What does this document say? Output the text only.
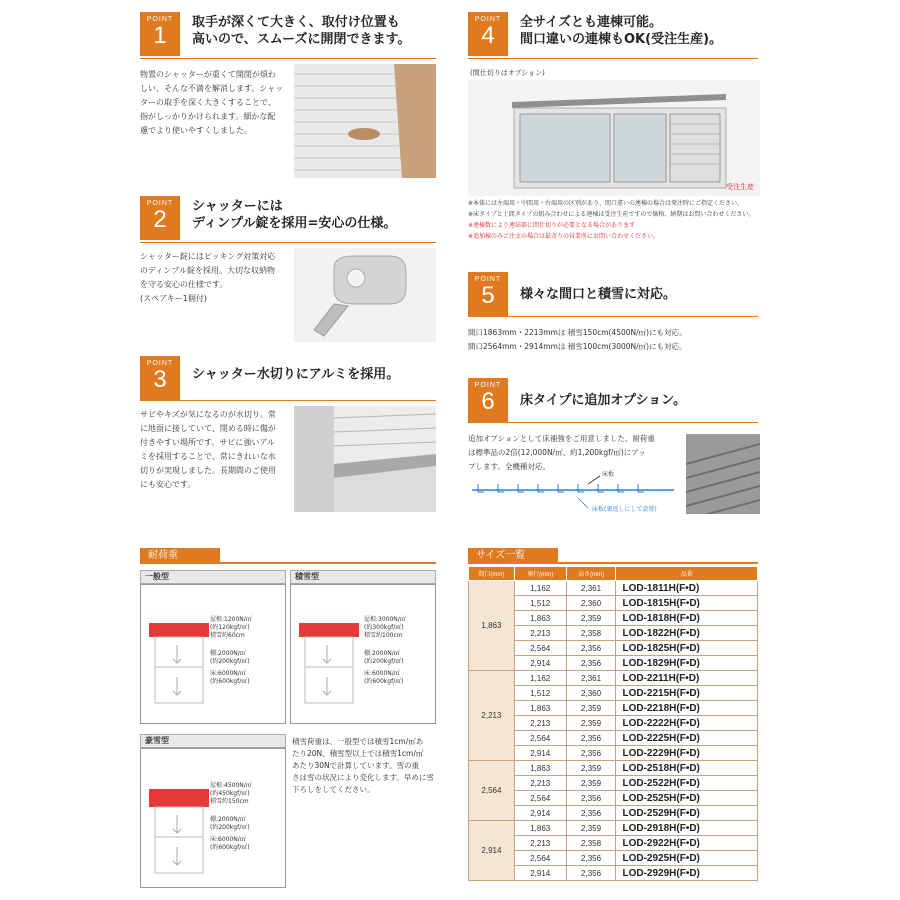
POINT
1	取手が深くて大きく、取付け位置も
高いので、スムーズに開閉できます。
物置のシャッターが重くて開閉が煩わ
しい、そんな不満を解消します。シャッ
ターの取手を深く大きくすることで、
指がしっかりかけられます。細かな配
慮でより使いやすくしました。
POINT
2	シャッターには
ディンプル錠を採用=安心の仕様。
シャッター錠にはピッキング対策対応
のディンプル錠を採用。大切な収納物
を守る安心の仕様です。
(スペアキー1個付)
POINT
3	シャッター水切りにアルミを採用。
サビやキズが気になるのが水切り。常
に地面に接していて、閉める時に傷が
付きやすい場所です。サビに強いアル
ミを採用することで、常にきれいな水
切りが実現しました。長期間のご使用
にも安心です。
POINT
4	全サイズとも連棟可能。
間口違いの連棟もOK(受注生産)。
(間仕切りはオプション)
受注生産
※本体には左端用・中間用・右端用の区別があり、間口違いの連棟の場合は発注時にご指定ください。
※床タイプと土間タイプの組み合わせによる連棟は受注生産ですので価格、納期はお問い合わせください。
※連棟数により連結部に間仕切りが必要となる場合があります
※追加棟のみご注文の場合は最寄りの営業所にお問い合わせください。
POINT
5	様々な間口と積雪に対応。
間口1863mm・2213mmは 積雪150cm(4500N/㎡)にも対応。
間口2564mm・2914mmは 積雪100cm(3000N/㎡)にも対応。
POINT
6	床タイプに追加オプション。
追加オプションとして床補強をご用意しました。耐荷重
は標準品の2倍(12,000N/㎡、約1,200kgf/㎡)にアッ
プします。全機種対応。
床板
床板(裏返しにして設置)
耐荷重
一般型
屋根:1200N/㎡
(約120kgf/㎡)
積雪約60cm
棚:2000N/㎡
(約200kgf/㎡)
床:6000N/㎡
(約600kgf/㎡)
積雪型
屋根:3000N/㎡
(約300kgf/㎡)
積雪約100cm
棚:2000N/㎡
(約200kgf/㎡)
床:6000N/㎡
(約600kgf/㎡)
豪雪型
屋根:4500N/㎡
(約450kgf/㎡)
積雪約150cm
棚:2000N/㎡
(約200kgf/㎡)
床:6000N/㎡
(約600kgf/㎡)
積雪荷重は、一般型では積雪1cm/㎡あ
たり20N、積雪型以上では積雪1cm/㎡
あたり30Nで計算しています。雪の重
さは雪の状況により変化します。早めに雪
下ろしをしてください。
サイズ一覧
間口(mm)	奥行(mm)	高さ(mm)	品番
1,863	1,162	2,361	LOD-1811H(F•D)
	1,512	2,360	LOD-1815H(F•D)
	1,863	2,359	LOD-1818H(F•D)
	2,213	2,358	LOD-1822H(F•D)
	2,564	2,356	LOD-1825H(F•D)
	2,914	2,356	LOD-1829H(F•D)
2,213	1,162	2,361	LOD-2211H(F•D)
	1,512	2,360	LOD-2215H(F•D)
	1,863	2,359	LOD-2218H(F•D)
	2,213	2,359	LOD-2222H(F•D)
	2,564	2,356	LOD-2225H(F•D)
	2,914	2,356	LOD-2229H(F•D)
2,564	1,863	2,359	LOD-2518H(F•D)
	2,213	2,359	LOD-2522H(F•D)
	2,564	2,356	LOD-2525H(F•D)
	2,914	2,356	LOD-2529H(F•D)
2,914	1,863	2,359	LOD-2918H(F•D)
	2,213	2,358	LOD-2922H(F•D)
	2,564	2,356	LOD-2925H(F•D)
	2,914	2,356	LOD-2929H(F•D)
